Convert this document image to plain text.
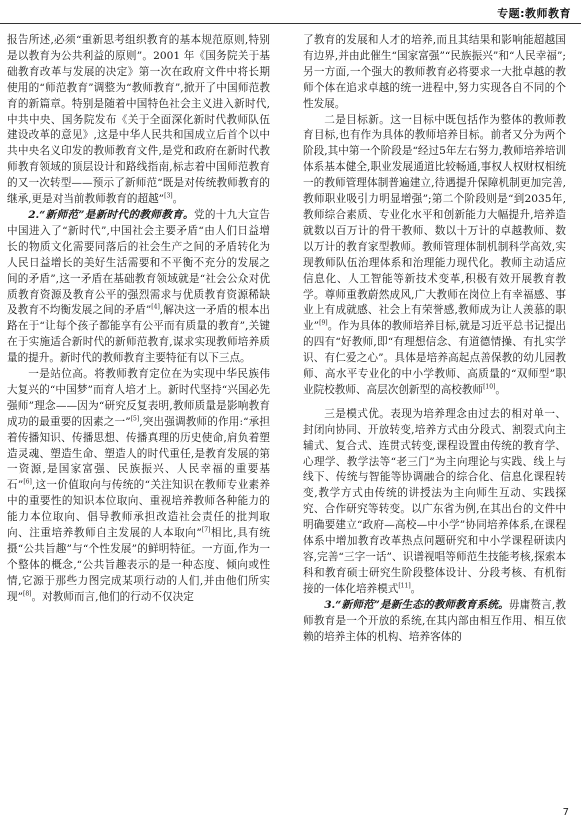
专题:教师教育

报告所述,必须“重新思考组织教育的基本规范原则,特别是以教育为公共利益的原则”。2001 年《国务院关于基础教育改革与发展的决定》第一次在政府文件中将长期使用的“师范教育”调整为“教师教育”,掀开了中国师范教育的新篇章。特别是随着中国特色社会主义进入新时代,中共中央、国务院发布《关于全面深化新时代教师队伍建设改革的意见》,这是中华人民共和国成立后首个以中共中央名义印发的教师教育文件,是党和政府在新时代教师教育领域的顶层设计和路线指南,标志着中国师范教育的又一次转型——预示了新师范“既是对传统教师教育的继承,更是对当前教师教育的超越”[3]。

2.“新师范”是新时代的教师教育。党的十九大宣告中国进入了“新时代”,中国社会主要矛盾“由人们日益增长的物质文化需要同落后的社会生产之间的矛盾转化为人民日益增长的美好生活需要和不平衡不充分的发展之间的矛盾”,这一矛盾在基础教育领域就是“社会公众对优质教育资源及教育公平的强烈需求与优质教育资源稀缺及教育不均衡发展之间的矛盾”[4],解决这一矛盾的根本出路在于“让每个孩子都能享有公平而有质量的教育”,关键在于实施适合新时代的新师范教育,谋求实现教师培养质量的提升。新时代的教师教育主要特征有以下三点。

一是站位高。将教师教育定位在为实现中华民族伟大复兴的“中国梦”而育人培才上。新时代坚持“兴国必先强师”理念——因为“研究反复表明,教师质量是影响教育成功的最重要的因素之一”[5],突出强调教师的作用:“承担着传播知识、传播思想、传播真理的历史使命,肩负着塑造灵魂、塑造生命、塑造人的时代重任,是教育发展的第一资源,是国家富强、民族振兴、人民幸福的重要基石”[6],这一价值取向与传统的“关注知识在教师专业素养中的重要性的知识本位取向、重视培养教师各种能力的能力本位取向、倡导教师承担改造社会责任的批判取向、注重培养教师自主发展的人本取向”[7]相比,具有统摄“公共旨趣”与“个性发展”的鲜明特征。一方面,作为一个整体的概念,“公共旨趣表示的是一种态度、倾向或性情,它源于那些力图完成某项行动的人们,并由他们所实现”[8]。对教师而言,他们的行动不仅决定

了教育的发展和人才的培养,而且其结果和影响能超越国有边界,并由此催生“国家富强”“民族振兴”和“人民幸福”;另一方面,一个强大的教师教育必将要求一大批卓越的教师个体在追求卓越的统一进程中,努力实现各自不同的个性发展。

二是目标新。这一目标中既包括作为整体的教师教育目标,也有作为具体的教师培养目标。前者又分为两个阶段,其中第一个阶段是“经过5年左右努力,教师培养培训体系基本健全,职业发展通道比较畅通,事权人权财权相统一的教师管理体制普遍建立,待遇提升保障机制更加完善,教师职业吸引力明显增强”;第二个阶段则是“到2035年,教师综合素质、专业化水平和创新能力大幅提升,培养造就数以百万计的骨干教师、数以十万计的卓越教师、数以万计的教育家型教师。教师管理体制机制科学高效,实现教师队伍治理体系和治理能力现代化。教师主动适应信息化、人工智能等新技术变革,积极有效开展教育教学。尊师重教蔚然成风,广大教师在岗位上有幸福感、事业上有成就感、社会上有荣誉感,教师成为让人羡慕的职业”[9]。作为具体的教师培养目标,就是习近平总书记提出的四有“好教师,即“有理想信念、有道德情操、有扎实学识、有仁爱之心”。具体是培养高起点善保教的幼儿园教师、高水平专业化的中小学教师、高质量的“双师型”职业院校教师、高层次创新型的高校教师[10]。

三是模式优。表现为培养理念由过去的相对单一、封闭向协同、开放转变,培养方式由分段式、割裂式向主辅式、复合式、连贯式转变,课程设置由传统的教育学、心理学、教学法等“老三门”为主向理论与实践、线上与线下、传统与智能等协调融合的综合化、信息化课程转变,教学方式由传统的讲授法为主向师生互动、实践探究、合作研究等转变。以广东省为例,在其出台的文件中明确要建立“政府—高校—中小学”协同培养体系,在课程体系中增加教育改革热点问题研究和中小学课程研读内容,完善“三字一话”、识谱视唱等师范生技能考核,探索本科和教育硕士研究生阶段整体设计、分段考核、有机衔接的一体化培养模式[11]。

3.“新师范”是新生态的教师教育系统。毋庸赘言,教师教育是一个开放的系统,在其内部由相互作用、相互依赖的培养主体的机构、培养客体的

7
